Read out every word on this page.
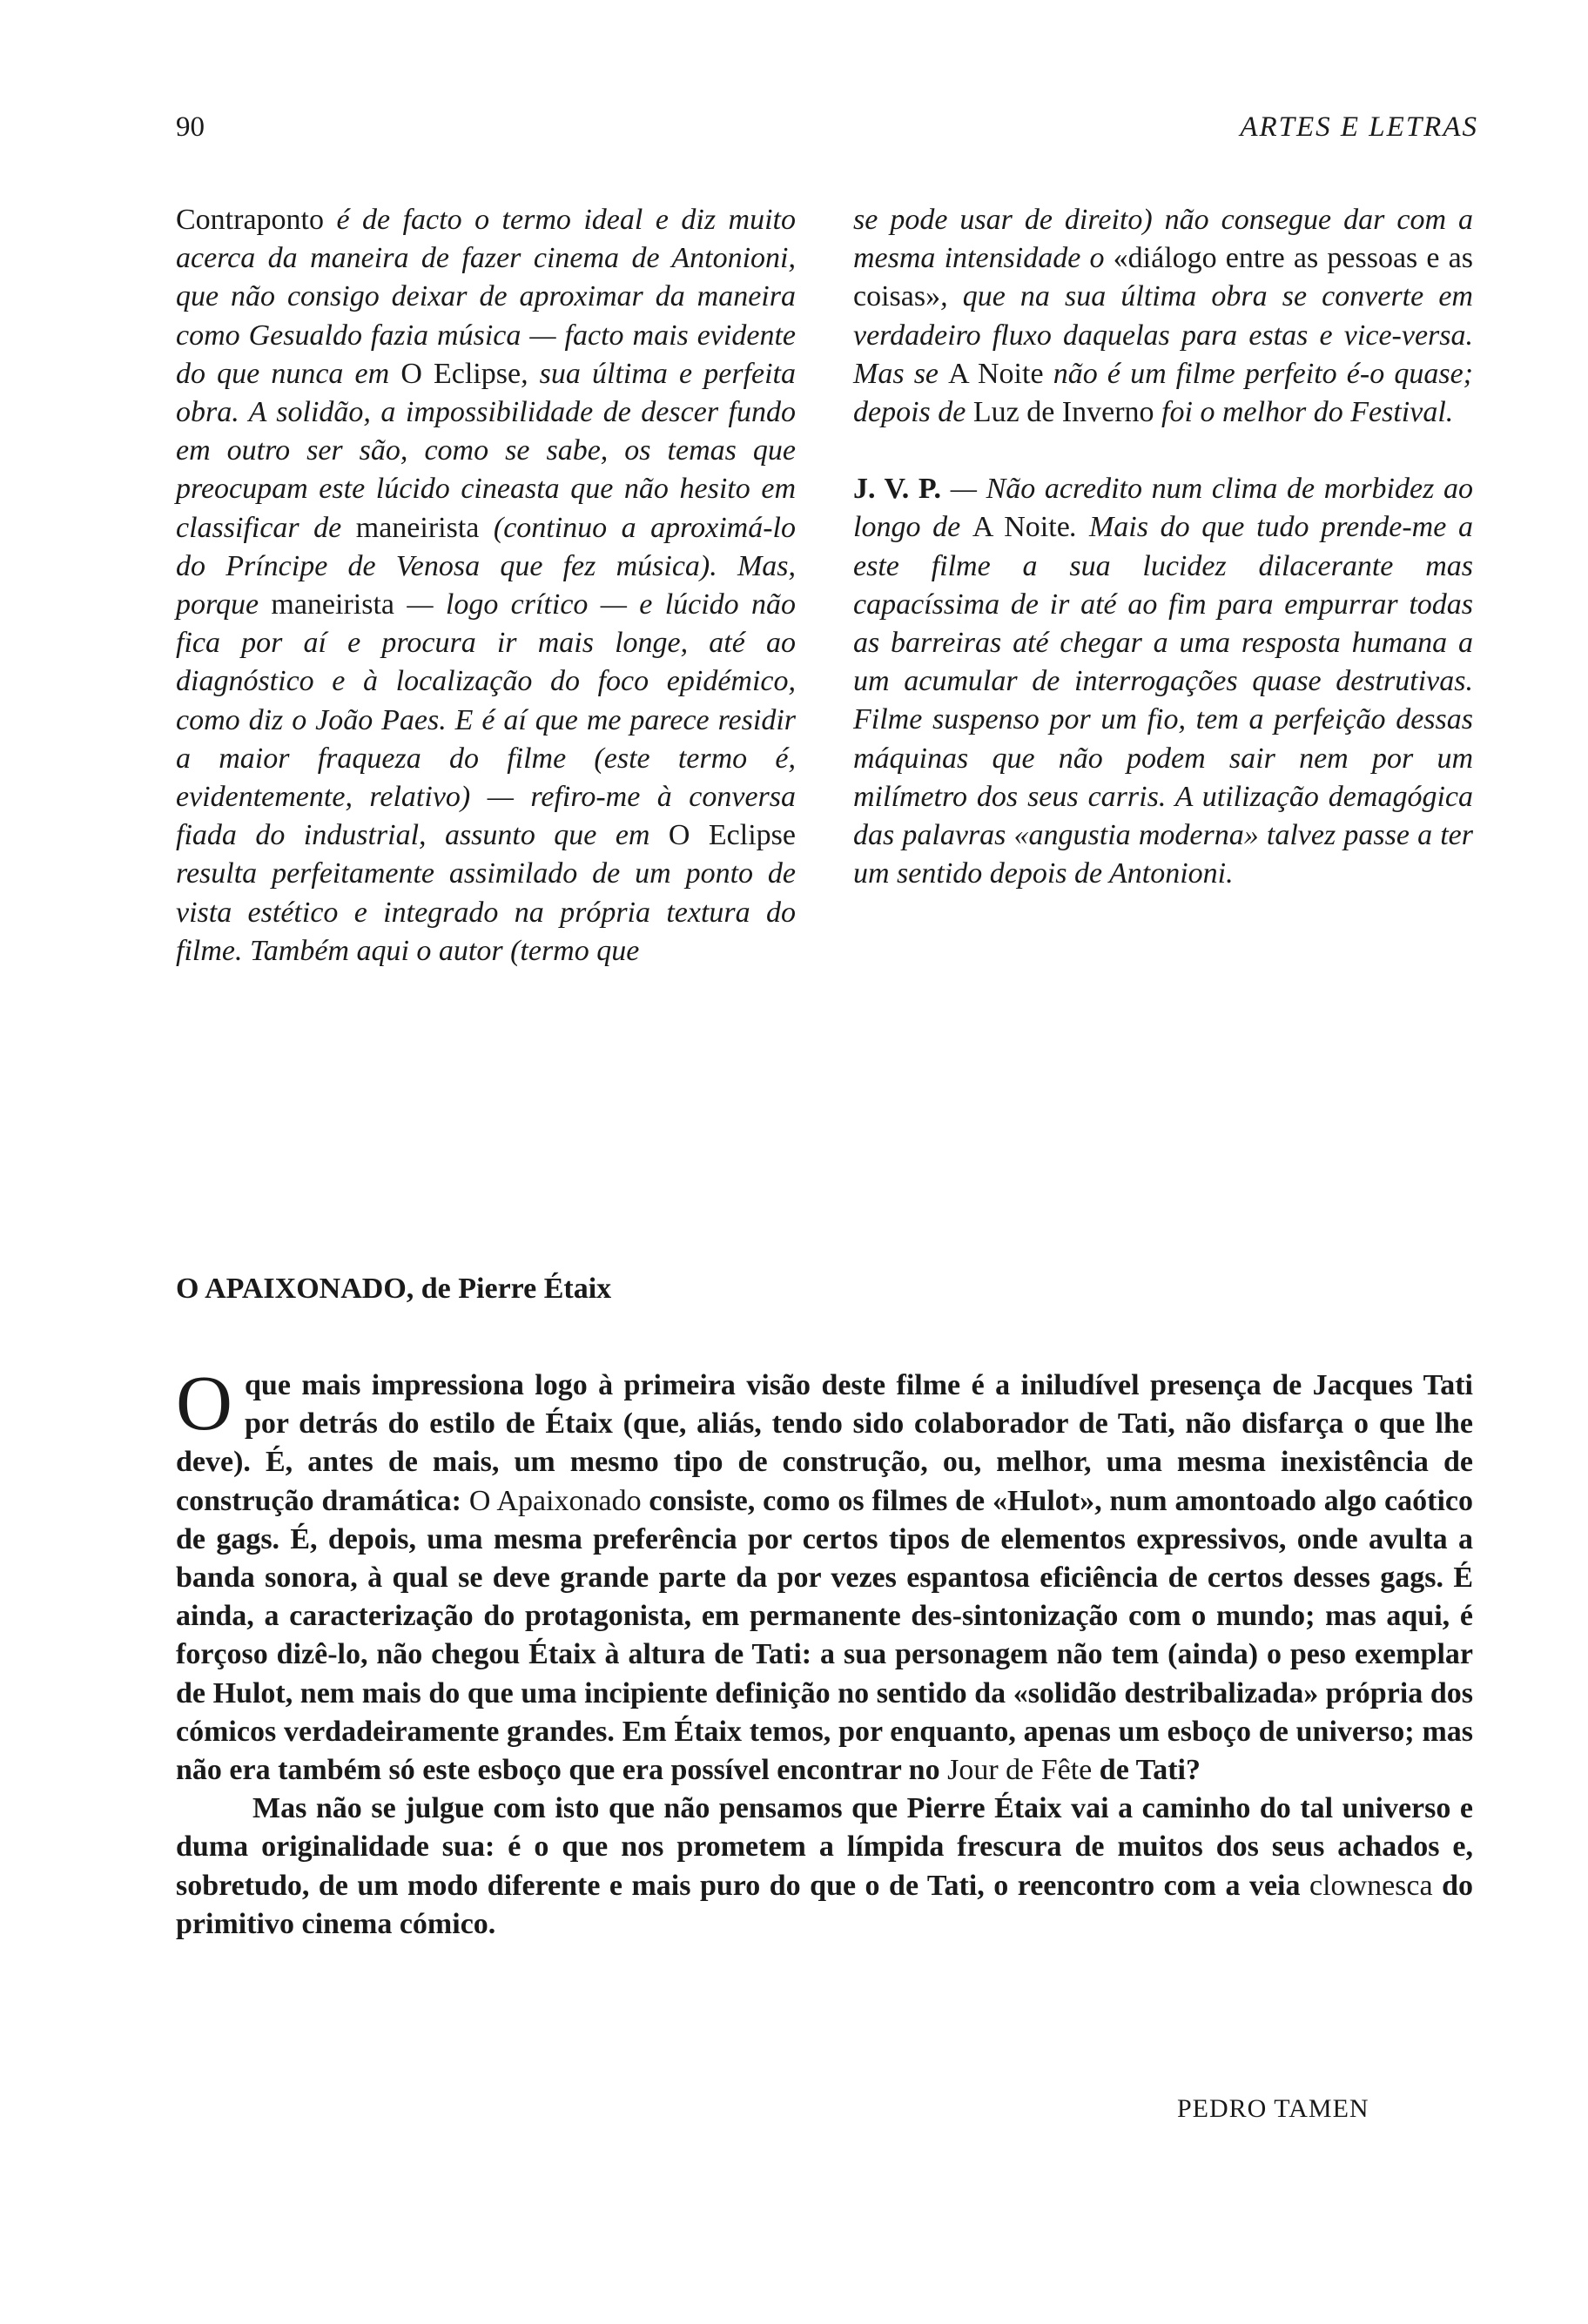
90	ARTES E LETRAS

Contraponto é de facto o termo ideal e diz muito acerca da maneira de fazer cinema de Antonioni, que não consigo deixar de aproximar da maneira como Gesualdo fazia música — facto mais evidente do que nunca em O Eclipse, sua última e perfeita obra. A solidão, a impossibilidade de descer fundo em outro ser são, como se sabe, os temas que preocupam este lúcido cineasta que não hesito em classificar de maneirista (continuo a aproximá-lo do Príncipe de Venosa que fez música). Mas, porque maneirista — logo crítico — e lúcido não fica por aí e procura ir mais longe, até ao diagnóstico e à localização do foco epidémico, como diz o João Paes. E é aí que me parece residir a maior fraqueza do filme (este termo é, evidentemente, relativo) — refiro-me à conversa fiada do industrial, assunto que em O Eclipse resulta perfeitamente assimilado de um ponto de vista estético e integrado na própria textura do filme. Também aqui o autor (termo que

se pode usar de direito) não consegue dar com a mesma intensidade o «diálogo entre as pessoas e as coisas», que na sua última obra se converte em verdadeiro fluxo daquelas para estas e vice-versa. Mas se A Noite não é um filme perfeito é-o quase; depois de Luz de Inverno foi o melhor do Festival.

J. V. P. — Não acredito num clima de morbidez ao longo de A Noite. Mais do que tudo prende-me a este filme a sua lucidez dilacerante mas capacíssima de ir até ao fim para empurrar todas as barreiras até chegar a uma resposta humana a um acumular de interrogações quase destrutivas. Filme suspenso por um fio, tem a perfeição dessas máquinas que não podem sair nem por um milímetro dos seus carris. A utilização demagógica das palavras «angustia moderna» talvez passe a ter um sentido depois de Antonioni.

O APAIXONADO, de Pierre Étaix

Oque mais impressiona logo à primeira visão deste filme é a iniludível presença de Jacques Tati por detrás do estilo de Étaix (que, aliás, tendo sido colaborador de Tati, não disfarça o que lhe deve). É, antes de mais, um mesmo tipo de construção, ou, melhor, uma mesma inexistência de construção dramática: O Apaixonado consiste, como os filmes de «Hulot», num amontoado algo caótico de gags. É, depois, uma mesma preferência por certos tipos de elementos expressivos, onde avulta a banda sonora, à qual se deve grande parte da por vezes espantosa eficiência de certos desses gags. É ainda, a caracterização do protagonista, em permanente des-sintonização com o mundo; mas aqui, é forçoso dizê-lo, não chegou Étaix à altura de Tati: a sua personagem não tem (ainda) o peso exemplar de Hulot, nem mais do que uma incipiente definição no sentido da «solidão destribalizada» própria dos cómicos verdadeiramente grandes. Em Étaix temos, por enquanto, apenas um esboço de universo; mas não era também só este esboço que era possível encontrar no Jour de Fête de Tati?

Mas não se julgue com isto que não pensamos que Pierre Étaix vai a caminho do tal universo e duma originalidade sua: é o que nos prometem a límpida frescura de muitos dos seus achados e, sobretudo, de um modo diferente e mais puro do que o de Tati, o reencontro com a veia clownesca do primitivo cinema cómico.

PEDRO TAMEN
